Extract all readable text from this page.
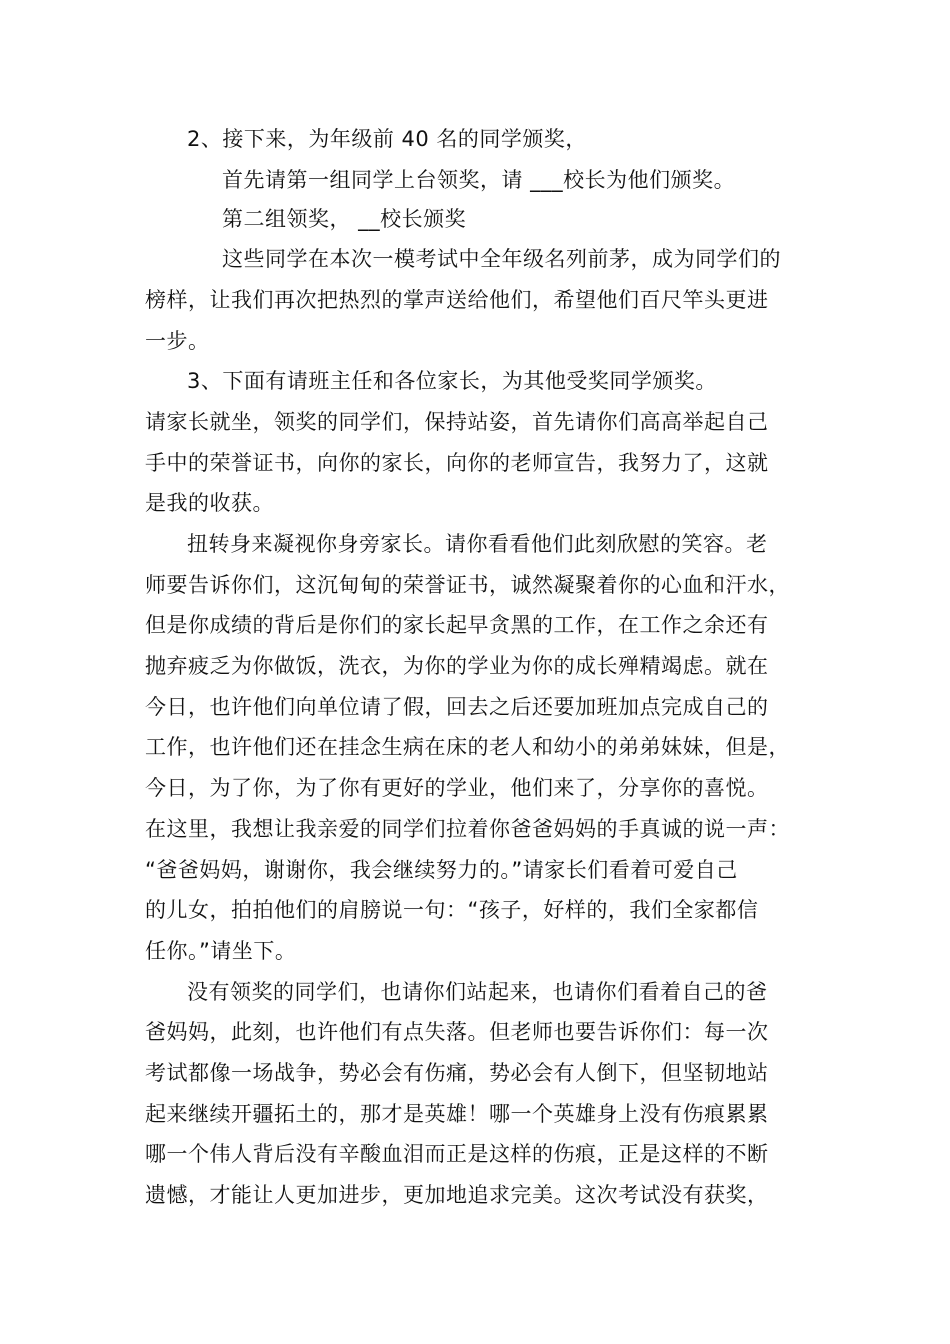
2、接下来，为年级前 40 名的同学颁奖，
首先请第一组同学上台领奖，请 ___校长为他们颁奖。
第二组领奖， __校长颁奖
这些同学在本次一模考试中全年级名列前茅，成为同学们的
榜样，让我们再次把热烈的掌声送给他们，希望他们百尺竿头更进
一步。
3、下面有请班主任和各位家长，为其他受奖同学颁奖。
请家长就坐，领奖的同学们，保持站姿，首先请你们高高举起自己
手中的荣誉证书，向你的家长，向你的老师宣告，我努力了，这就
是我的收获。
扭转身来凝视你身旁家长。请你看看他们此刻欣慰的笑容。老
师要告诉你们，这沉甸甸的荣誉证书，诚然凝聚着你的心血和汗水，
但是你成绩的背后是你们的家长起早贪黑的工作，在工作之余还有
抛弃疲乏为你做饭，洗衣，为你的学业为你的成长殚精竭虑。就在
今日，也许他们向单位请了假，回去之后还要加班加点完成自己的
工作，也许他们还在挂念生病在床的老人和幼小的弟弟妹妹，但是，
今日，为了你，为了你有更好的学业，他们来了，分享你的喜悦。
在这里，我想让我亲爱的同学们拉着你爸爸妈妈的手真诚的说一声：
“爸爸妈妈，谢谢你，我会继续努力的。”请家长们看着可爱自己
的儿女，拍拍他们的肩膀说一句：“孩子，好样的，我们全家都信
任你。”请坐下。
没有领奖的同学们，也请你们站起来，也请你们看着自己的爸
爸妈妈，此刻，也许他们有点失落。但老师也要告诉你们：每一次
考试都像一场战争，势必会有伤痛，势必会有人倒下，但坚韧地站
起来继续开疆拓土的，那才是英雄！哪一个英雄身上没有伤痕累累
哪一个伟人背后没有辛酸血泪而正是这样的伤痕，正是这样的不断
遗憾，才能让人更加进步，更加地追求完美。这次考试没有获奖，
